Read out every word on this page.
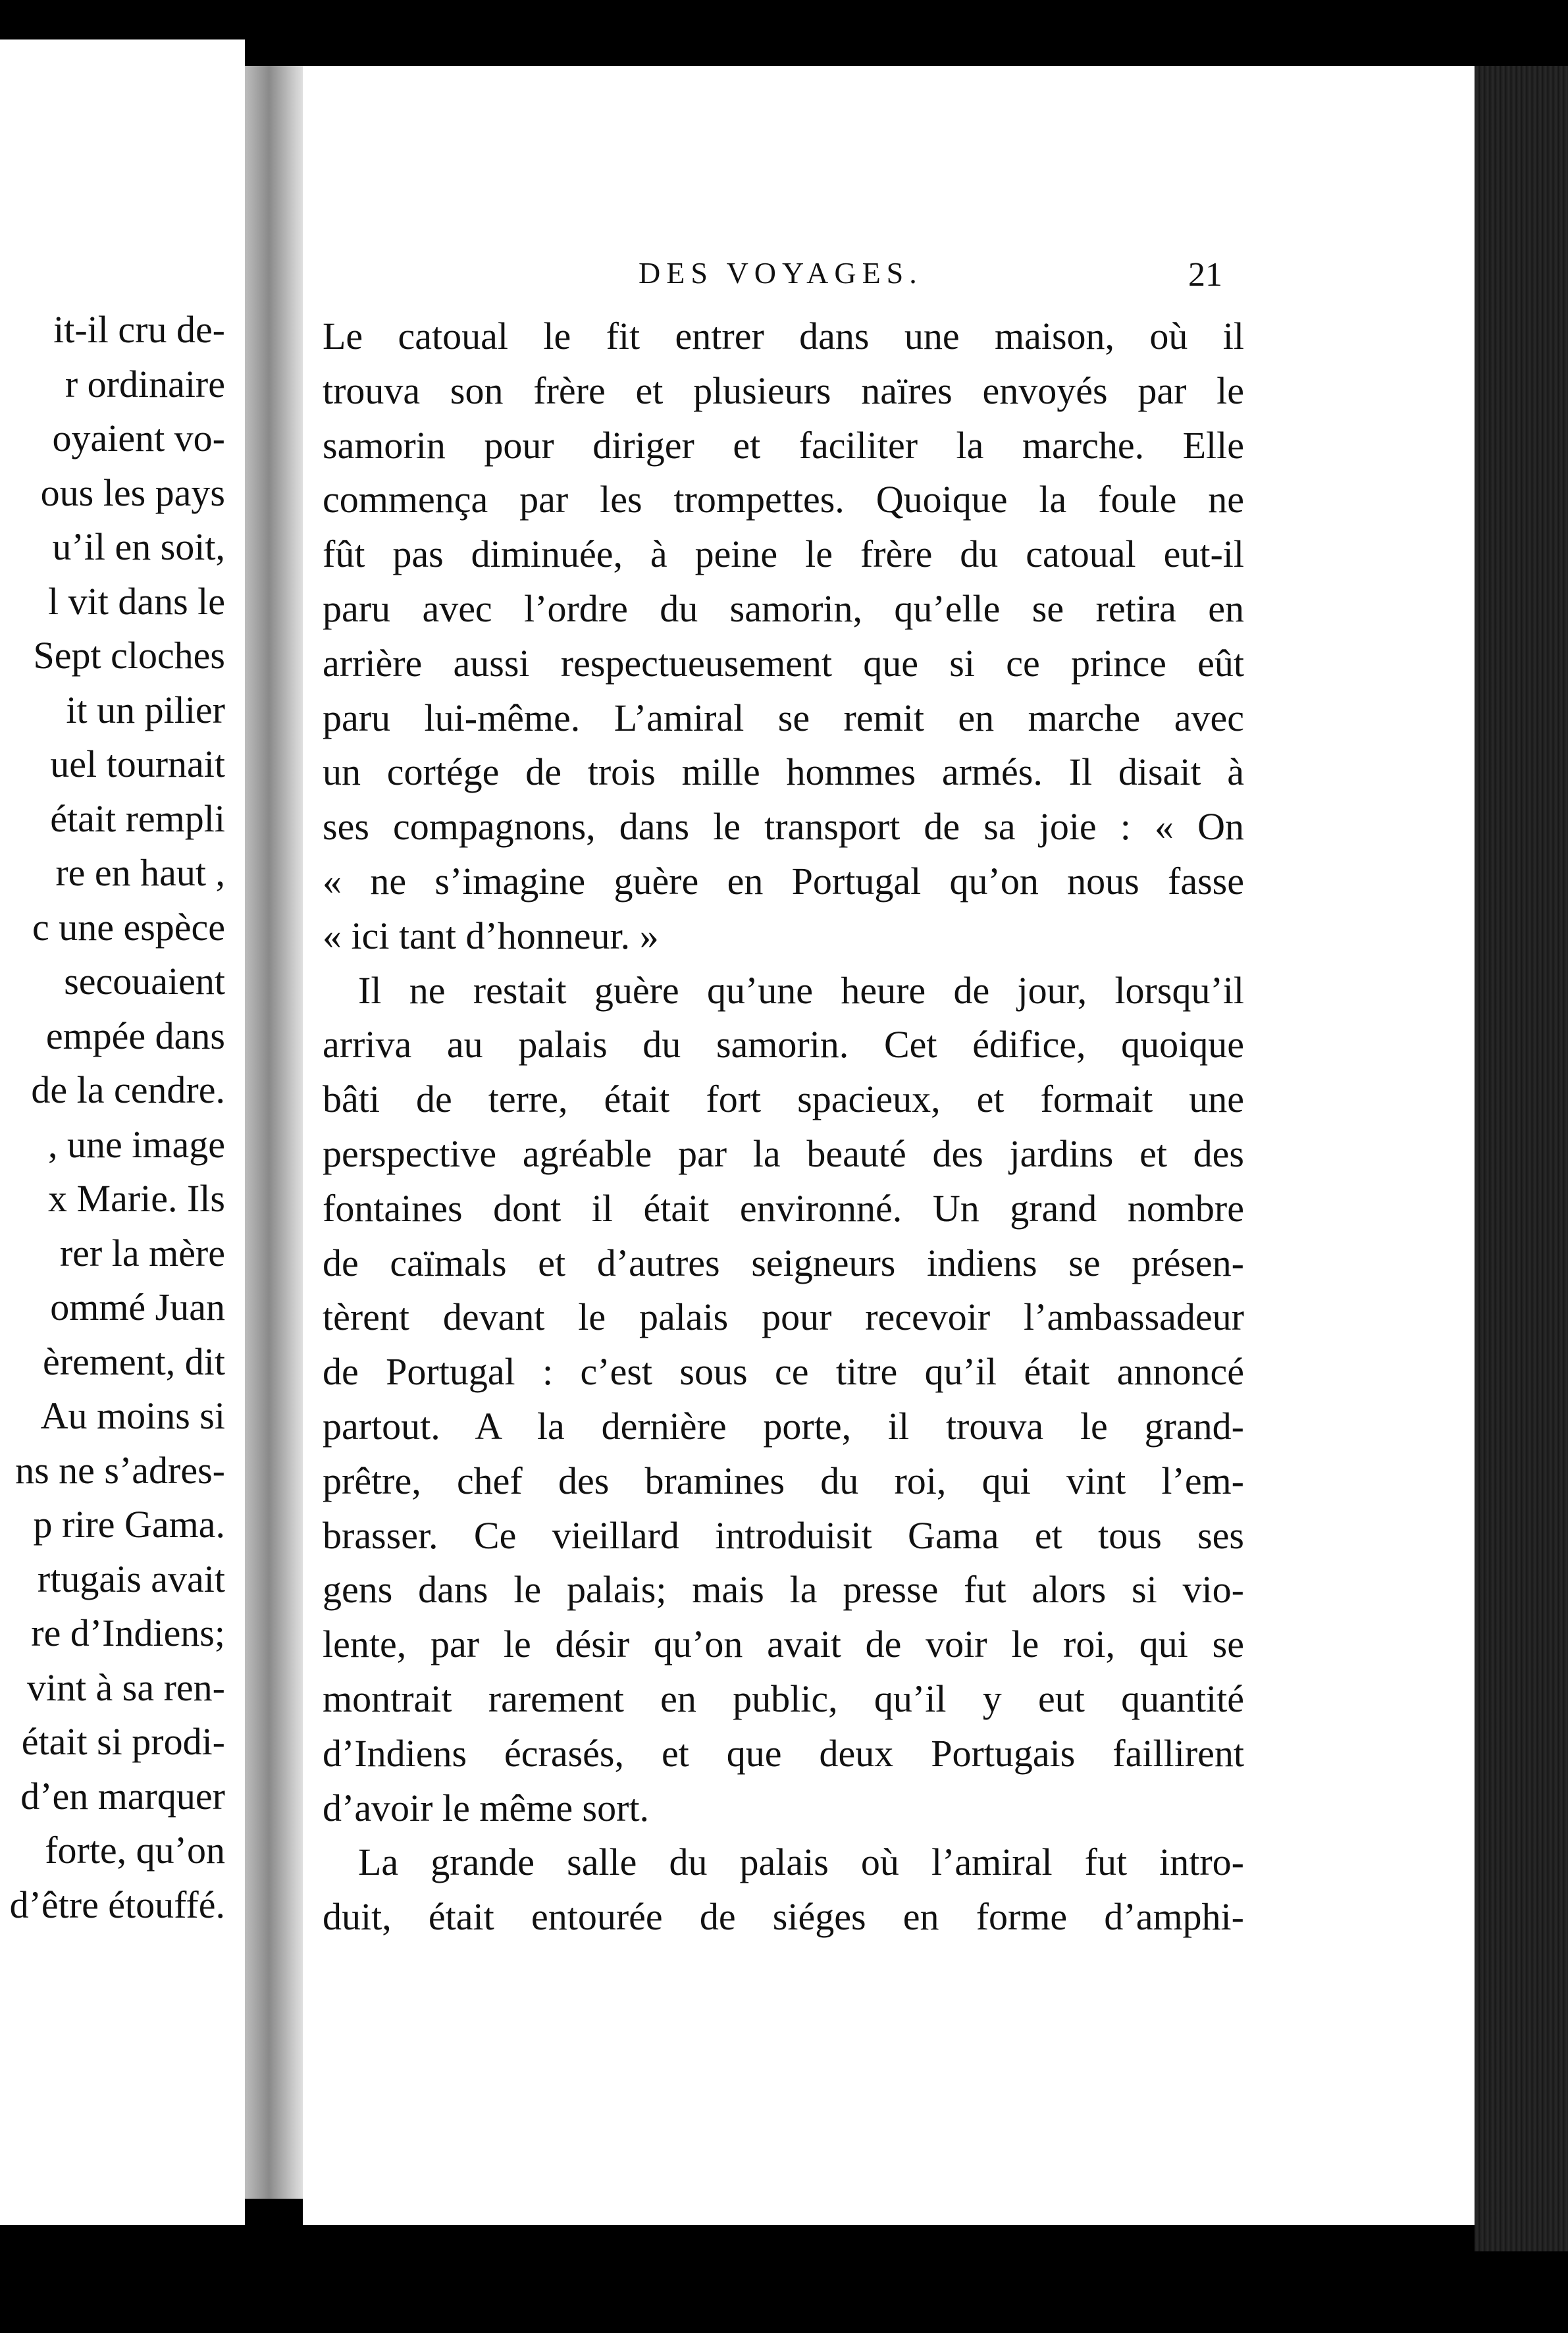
it-il cru de-
r ordinaire
oyaient vo-
ous les pays
u’il en soit,
l vit dans le
Sept cloches
it un pilier
uel tournait
était rempli
re en haut ,
c une espèce
secouaient
empée dans
de la cendre.
, une image
x Marie. Ils
rer la mère
ommé Juan
èrement, dit
Au moins si
ns ne s’adres-
p rire Gama.
rtugais avait
re d’Indiens;
vint à sa ren-
était si prodi-
d’en marquer
forte, qu’on
d’être étouffé.
DES VOYAGES.	21
Le catoual le fit entrer dans une maison, où il
trouva son frère et plusieurs naïres envoyés par le
samorin pour diriger et faciliter la marche. Elle
commença par les trompettes. Quoique la foule ne
fût pas diminuée, à peine le frère du catoual eut-il
paru avec l’ordre du samorin, qu’elle se retira en
arrière aussi respectueusement que si ce prince eût
paru lui-même. L’amiral se remit en marche avec
un cortége de trois mille hommes armés. Il disait à
ses compagnons, dans le transport de sa joie : « On
« ne s’imagine guère en Portugal qu’on nous fasse
« ici tant d’honneur. »
Il ne restait guère qu’une heure de jour, lorsqu’il
arriva au palais du samorin. Cet édifice, quoique
bâti de terre, était fort spacieux, et formait une
perspective agréable par la beauté des jardins et des
fontaines dont il était environné. Un grand nombre
de caïmals et d’autres seigneurs indiens se présen-
tèrent devant le palais pour recevoir l’ambassadeur
de Portugal : c’est sous ce titre qu’il était annoncé
partout. A la dernière porte, il trouva le grand-
prêtre, chef des bramines du roi, qui vint l’em-
brasser. Ce vieillard introduisit Gama et tous ses
gens dans le palais; mais la presse fut alors si vio-
lente, par le désir qu’on avait de voir le roi, qui se
montrait rarement en public, qu’il y eut quantité
d’Indiens écrasés, et que deux Portugais faillirent
d’avoir le même sort.
La grande salle du palais où l’amiral fut intro-
duit, était entourée de siéges en forme d’amphi-
